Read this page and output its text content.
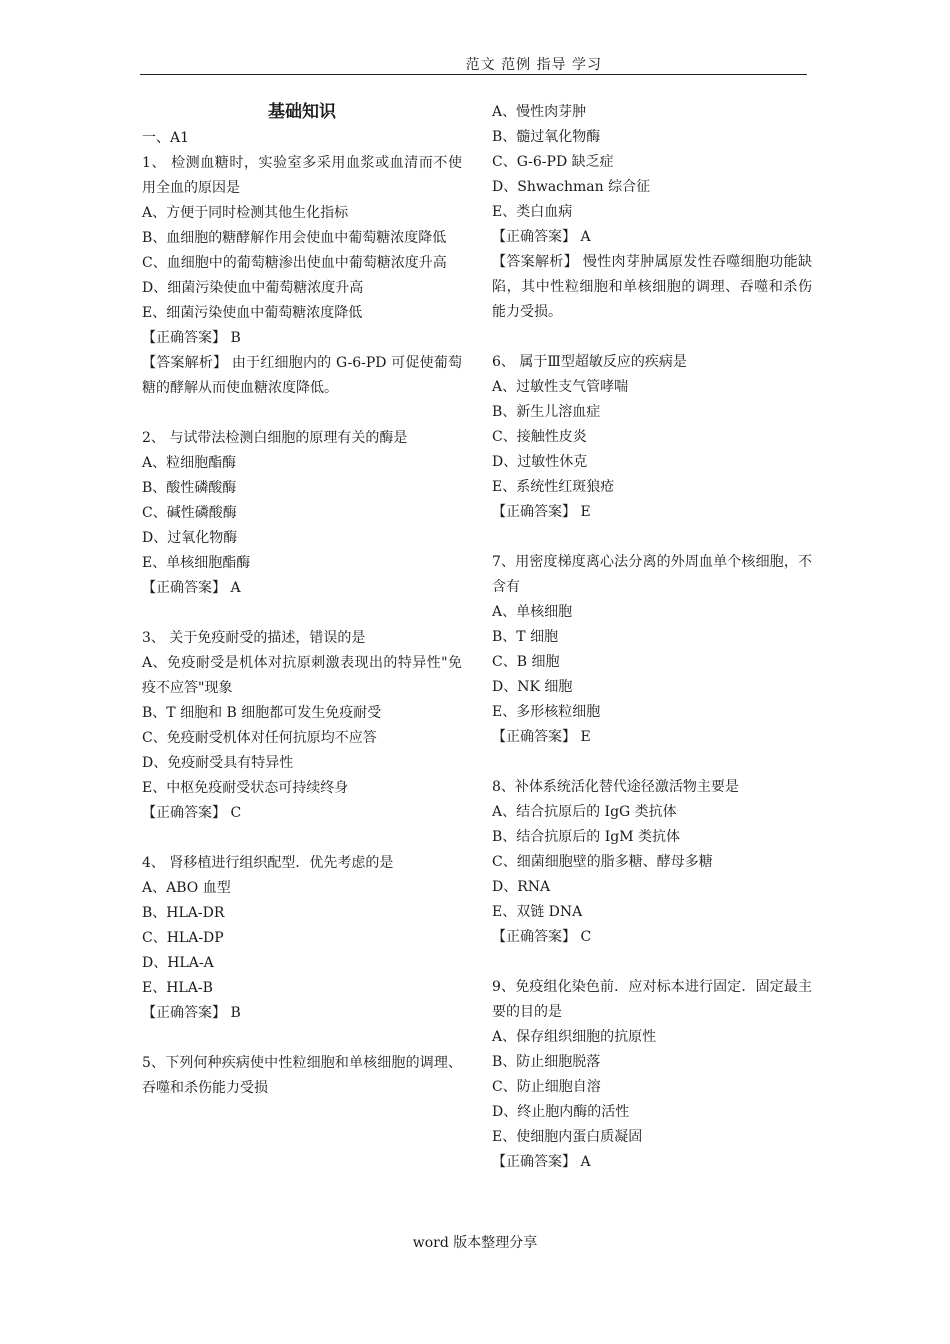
范文 范例 指导 学习
基础知识
一、A1
1、 检测血糖时，实验室多采用血浆或血清而不使用全血的原因是
A、方便于同时检测其他生化指标
B、血细胞的糖酵解作用会使血中葡萄糖浓度降低
C、血细胞中的葡萄糖渗出使血中葡萄糖浓度升高
D、细菌污染使血中葡萄糖浓度升高
E、细菌污染使血中葡萄糖浓度降低
【正确答案】 B
【答案解析】 由于红细胞内的 G-6-PD 可促使葡萄糖的酵解从而使血糖浓度降低。
2、 与试带法检测白细胞的原理有关的酶是
A、粒细胞酯酶
B、酸性磷酸酶
C、碱性磷酸酶
D、过氧化物酶
E、单核细胞酯酶
【正确答案】 A
3、 关于免疫耐受的描述，错误的是
A、免疫耐受是机体对抗原刺激表现出的特异性"免疫不应答"现象
B、T 细胞和 B 细胞都可发生免疫耐受
C、免疫耐受机体对任何抗原均不应答
D、免疫耐受具有特异性
E、中枢免疫耐受状态可持续终身
【正确答案】 C
4、 肾移植进行组织配型．优先考虑的是
A、ABO 血型
B、HLA-DR
C、HLA-DP
D、HLA-A
E、HLA-B
【正确答案】 B
5、下列何种疾病使中性粒细胞和单核细胞的调理、吞噬和杀伤能力受损
A、慢性肉芽肿
B、髓过氧化物酶
C、G-6-PD 缺乏症
D、Shwachman 综合征
E、类白血病
【正确答案】 A
【答案解析】 慢性肉芽肿属原发性吞噬细胞功能缺陷，其中性粒细胞和单核细胞的调理、吞噬和杀伤能力受损。
6、 属于Ⅲ型超敏反应的疾病是
A、过敏性支气管哮喘
B、新生儿溶血症
C、接触性皮炎
D、过敏性休克
E、系统性红斑狼疮
【正确答案】 E
7、用密度梯度离心法分离的外周血单个核细胞，不含有
A、单核细胞
B、T 细胞
C、B 细胞
D、NK 细胞
E、多形核粒细胞
【正确答案】 E
8、补体系统活化替代途径激活物主要是
A、结合抗原后的 IgG 类抗体
B、结合抗原后的 IgM 类抗体
C、细菌细胞壁的脂多糖、酵母多糖
D、RNA
E、双链 DNA
【正确答案】 C
9、免疫组化染色前．应对标本进行固定．固定最主要的目的是
A、保存组织细胞的抗原性
B、防止细胞脱落
C、防止细胞自溶
D、终止胞内酶的活性
E、使细胞内蛋白质凝固
【正确答案】 A
word 版本整理分享
